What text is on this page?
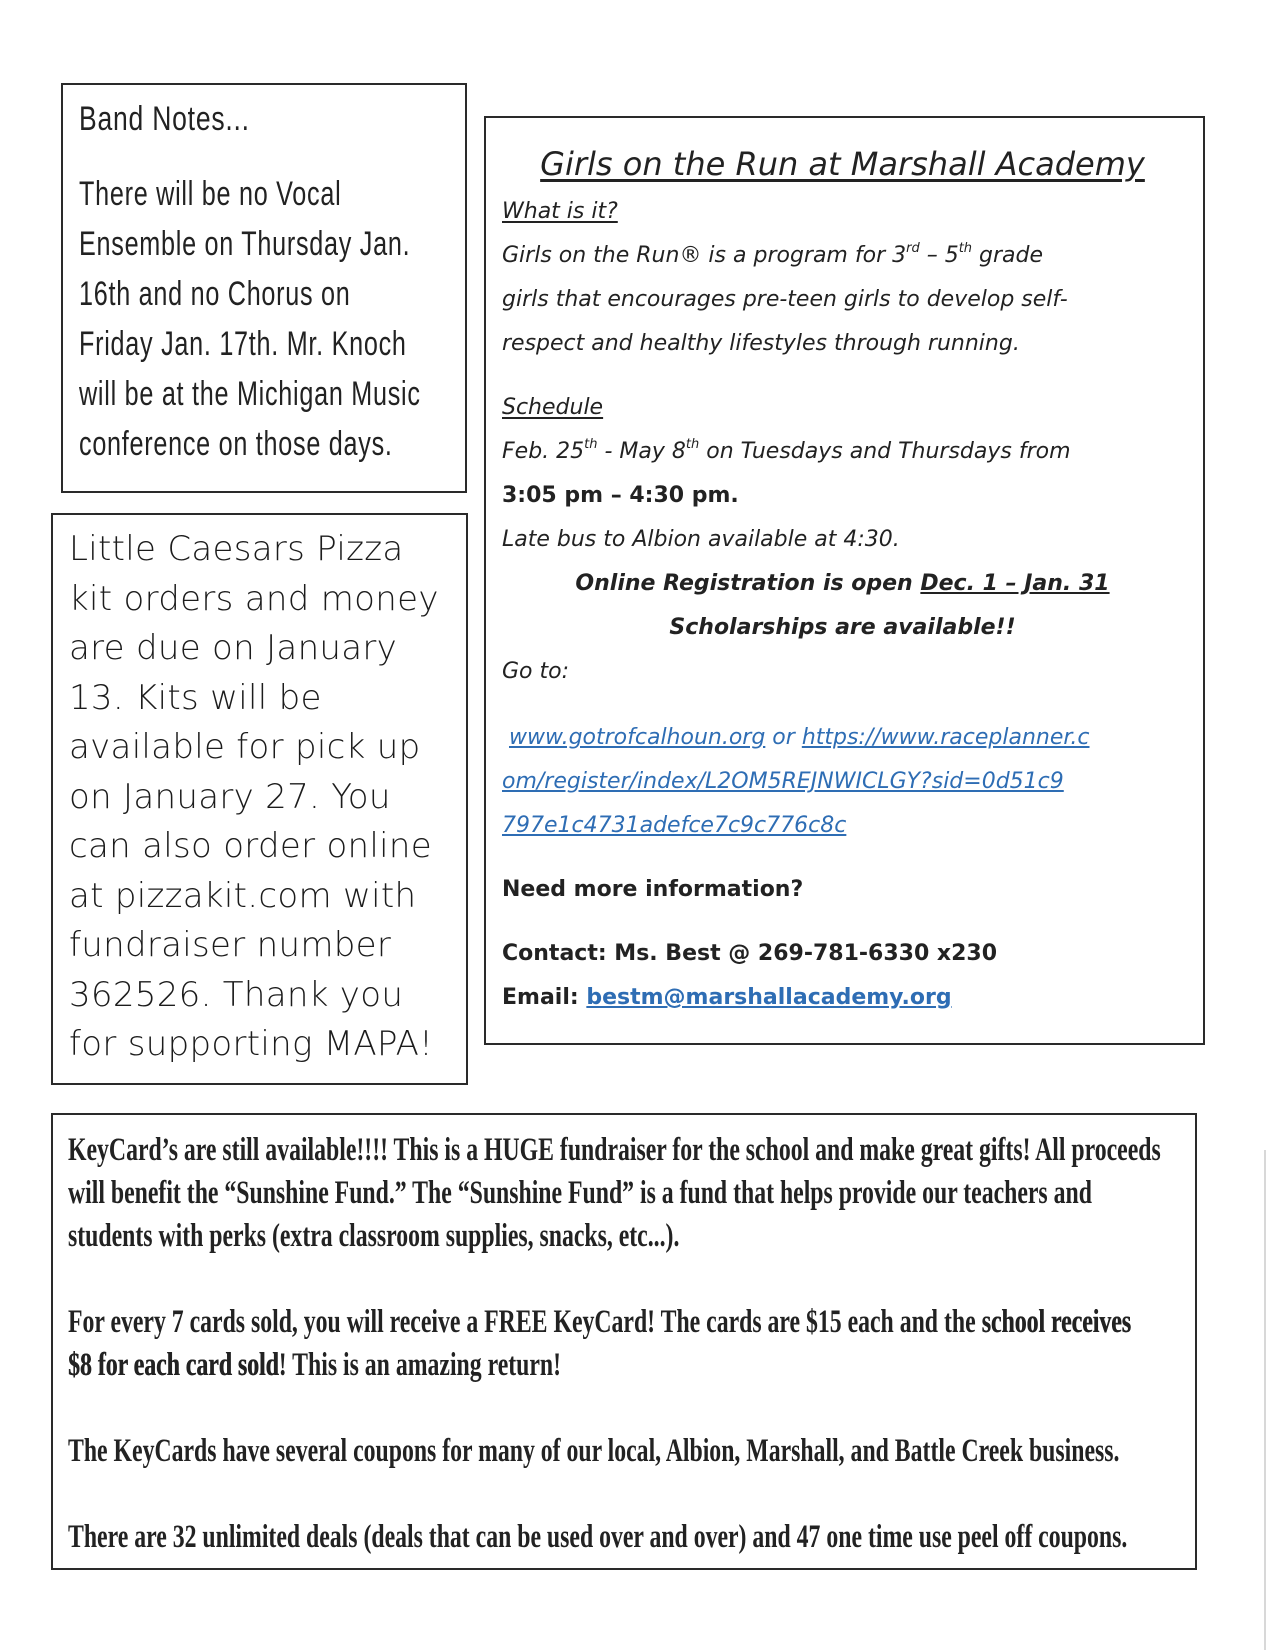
Band Notes...
There will be no Vocal
Ensemble on Thursday Jan.
16th and no Chorus on
Friday Jan. 17th. Mr. Knoch
will be at the Michigan Music
conference on those days.
Little Caesars Pizza
kit orders and money
are due on January
13. Kits will be
available for pick up
on January 27. You
can also order online
at pizzakit.com with
fundraiser number
362526. Thank you
for supporting MAPA!
Girls on the Run at Marshall Academy
What is it?
Girls on the Run® is a program for 3rd – 5th grade
girls that encourages pre-teen girls to develop self-
respect and healthy lifestyles through running.
Schedule
Feb. 25th - May 8th on Tuesdays and Thursdays from
3:05 pm – 4:30 pm.
Late bus to Albion available at 4:30.
Online Registration is open Dec. 1 – Jan. 31
Scholarships are available!!
Go to:
www.gotrofcalhoun.org or https://www.raceplanner.c
om/register/index/L2OM5REJNWICLGY?sid=0d51c9
797e1c4731adefce7c9c776c8c
Need more information?
Contact: Ms. Best @ 269-781-6330 x230
Email: bestm@marshallacademy.org
KeyCard’s are still available!!!! This is a HUGE fundraiser for the school and make great gifts! All proceeds
will benefit the “Sunshine Fund.” The “Sunshine Fund” is a fund that helps provide our teachers and
students with perks (extra classroom supplies, snacks, etc...).
For every 7 cards sold, you will receive a FREE KeyCard! The cards are $15 each and the school receives
$8 for each card sold! This is an amazing return!
The KeyCards have several coupons for many of our local, Albion, Marshall, and Battle Creek business.
There are 32 unlimited deals (deals that can be used over and over) and 47 one time use peel off coupons.
